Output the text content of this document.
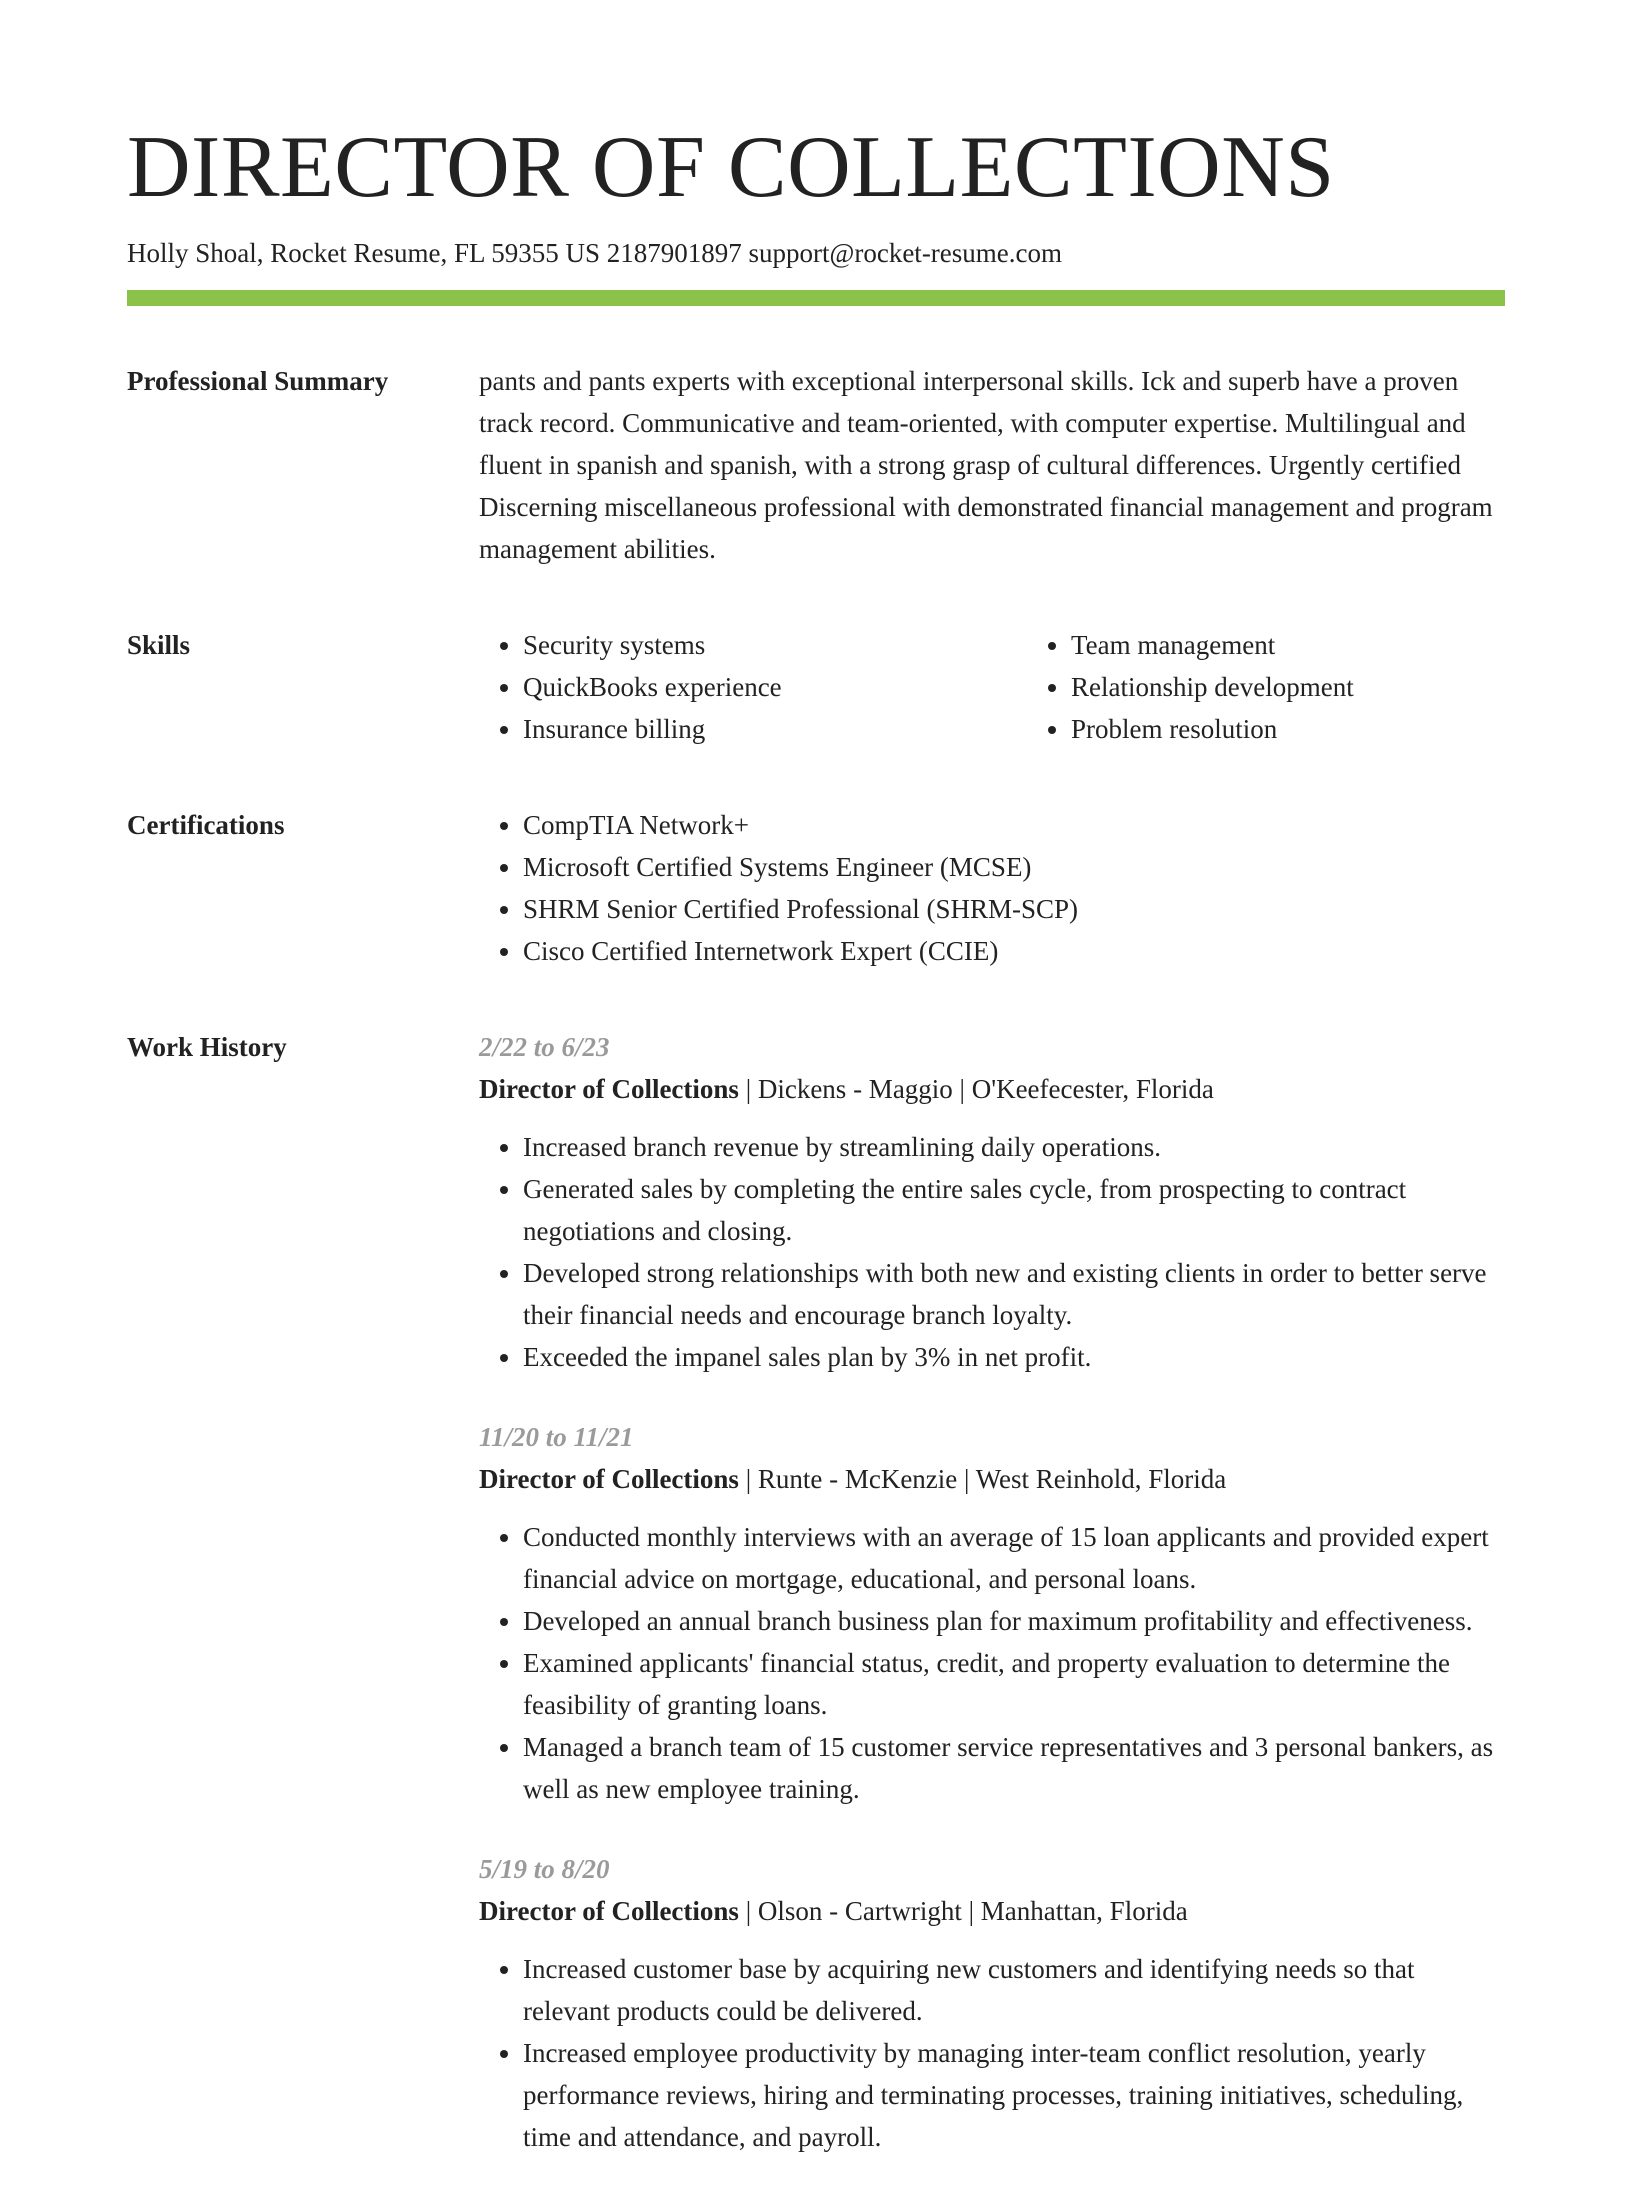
DIRECTOR OF COLLECTIONS
Holly Shoal, Rocket Resume, FL 59355 US 2187901897 support@rocket-resume.com
Professional Summary	pants and pants experts with exceptional interpersonal skills. Ick and superb have a proven track record. Communicative and team-oriented, with computer expertise. Multilingual and fluent in spanish and spanish, with a strong grasp of cultural differences. Urgently certified Discerning miscellaneous professional with demonstrated financial management and program management abilities.

Skills	• Security systems
• QuickBooks experience
• Insurance billing
• Team management
• Relationship development
• Problem resolution
Certifications	• CompTIA Network+
• Microsoft Certified Systems Engineer (MCSE)
• SHRM Senior Certified Professional (SHRM-SCP)
• Cisco Certified Internetwork Expert (CCIE)
Work History	2/22 to 6/23
Director of Collections | Dickens - Maggio | O'Keefecester, Florida
• Increased branch revenue by streamlining daily operations.
• Generated sales by completing the entire sales cycle, from prospecting to contract negotiations and closing.
• Developed strong relationships with both new and existing clients in order to better serve their financial needs and encourage branch loyalty.
• Exceeded the impanel sales plan by 3% in net profit.
11/20 to 11/21
Director of Collections | Runte - McKenzie | West Reinhold, Florida
• Conducted monthly interviews with an average of 15 loan applicants and provided expert financial advice on mortgage, educational, and personal loans.
• Developed an annual branch business plan for maximum profitability and effectiveness.
• Examined applicants' financial status, credit, and property evaluation to determine the feasibility of granting loans.
• Managed a branch team of 15 customer service representatives and 3 personal bankers, as well as new employee training.
5/19 to 8/20
Director of Collections | Olson - Cartwright | Manhattan, Florida
• Increased customer base by acquiring new customers and identifying needs so that relevant products could be delivered.
• Increased employee productivity by managing inter-team conflict resolution, yearly performance reviews, hiring and terminating processes, training initiatives, scheduling, time and attendance, and payroll.
